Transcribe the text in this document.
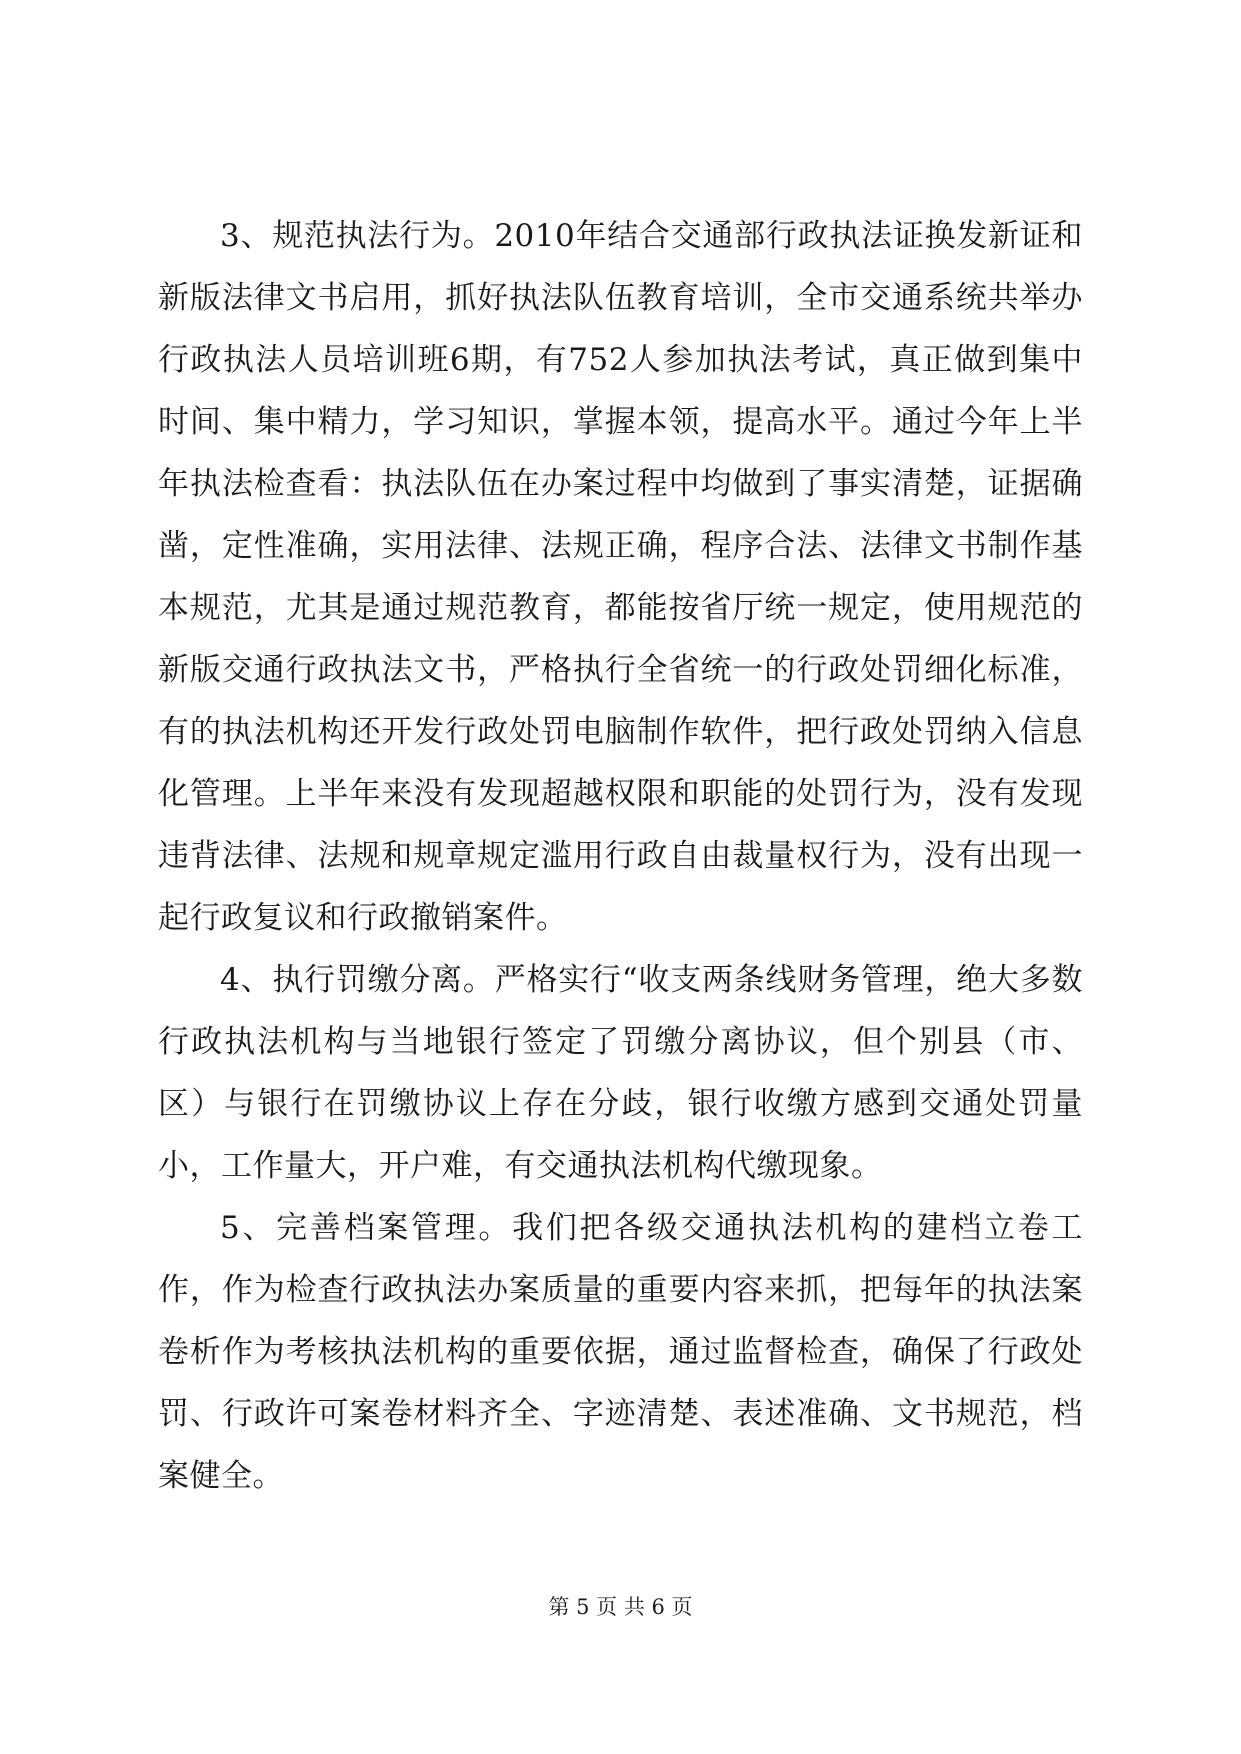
3、规范执法行为。2010年结合交通部行政执法证换发新证和新版法律文书启用，抓好执法队伍教育培训，全市交通系统共举办行政执法人员培训班6期，有752人参加执法考试，真正做到集中时间、集中精力，学习知识，掌握本领，提高水平。通过今年上半年执法检查看：执法队伍在办案过程中均做到了事实清楚，证据确凿，定性准确，实用法律、法规正确，程序合法、法律文书制作基本规范，尤其是通过规范教育，都能按省厅统一规定，使用规范的新版交通行政执法文书，严格执行全省统一的行政处罚细化标准，有的执法机构还开发行政处罚电脑制作软件，把行政处罚纳入信息化管理。上半年来没有发现超越权限和职能的处罚行为，没有发现违背法律、法规和规章规定滥用行政自由裁量权行为，没有出现一起行政复议和行政撤销案件。

4、执行罚缴分离。严格实行“收支两条线财务管理，绝大多数行政执法机构与当地银行签定了罚缴分离协议，但个别县（市、区）与银行在罚缴协议上存在分歧，银行收缴方感到交通处罚量小，工作量大，开户难，有交通执法机构代缴现象。

5、完善档案管理。我们把各级交通执法机构的建档立卷工作，作为检查行政执法办案质量的重要内容来抓，把每年的执法案卷析作为考核执法机构的重要依据，通过监督检查，确保了行政处罚、行政许可案卷材料齐全、字迹清楚、表述准确、文书规范，档案健全。

第 5 页 共 6 页
